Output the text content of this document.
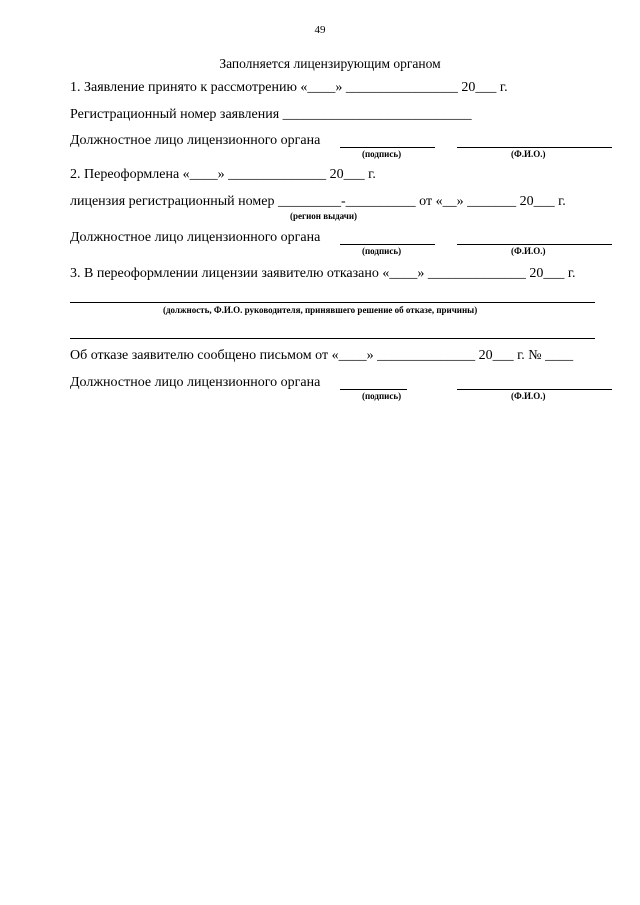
49
Заполняется лицензирующим органом
1. Заявление принято к рассмотрению «____» ________________ 20___ г.
Регистрационный номер заявления ___________________________
Должностное лицо лицензионного органа
(подпись)	(Ф.И.О.)
2. Переоформлена «____» ______________ 20___ г.
лицензия регистрационный номер _________-__________ от «__» _______ 20___ г.
(регион выдачи)
Должностное лицо лицензионного органа
(подпись)	(Ф.И.О.)
3. В переоформлении лицензии заявителю отказано «____» ______________ 20___ г.
(должность, Ф.И.О. руководителя, принявшего решение об отказе, причины)
Об отказе заявителю сообщено письмом от «____» ______________ 20___ г. № ____
Должностное лицо лицензионного органа
(подпись)	(Ф.И.О.)
